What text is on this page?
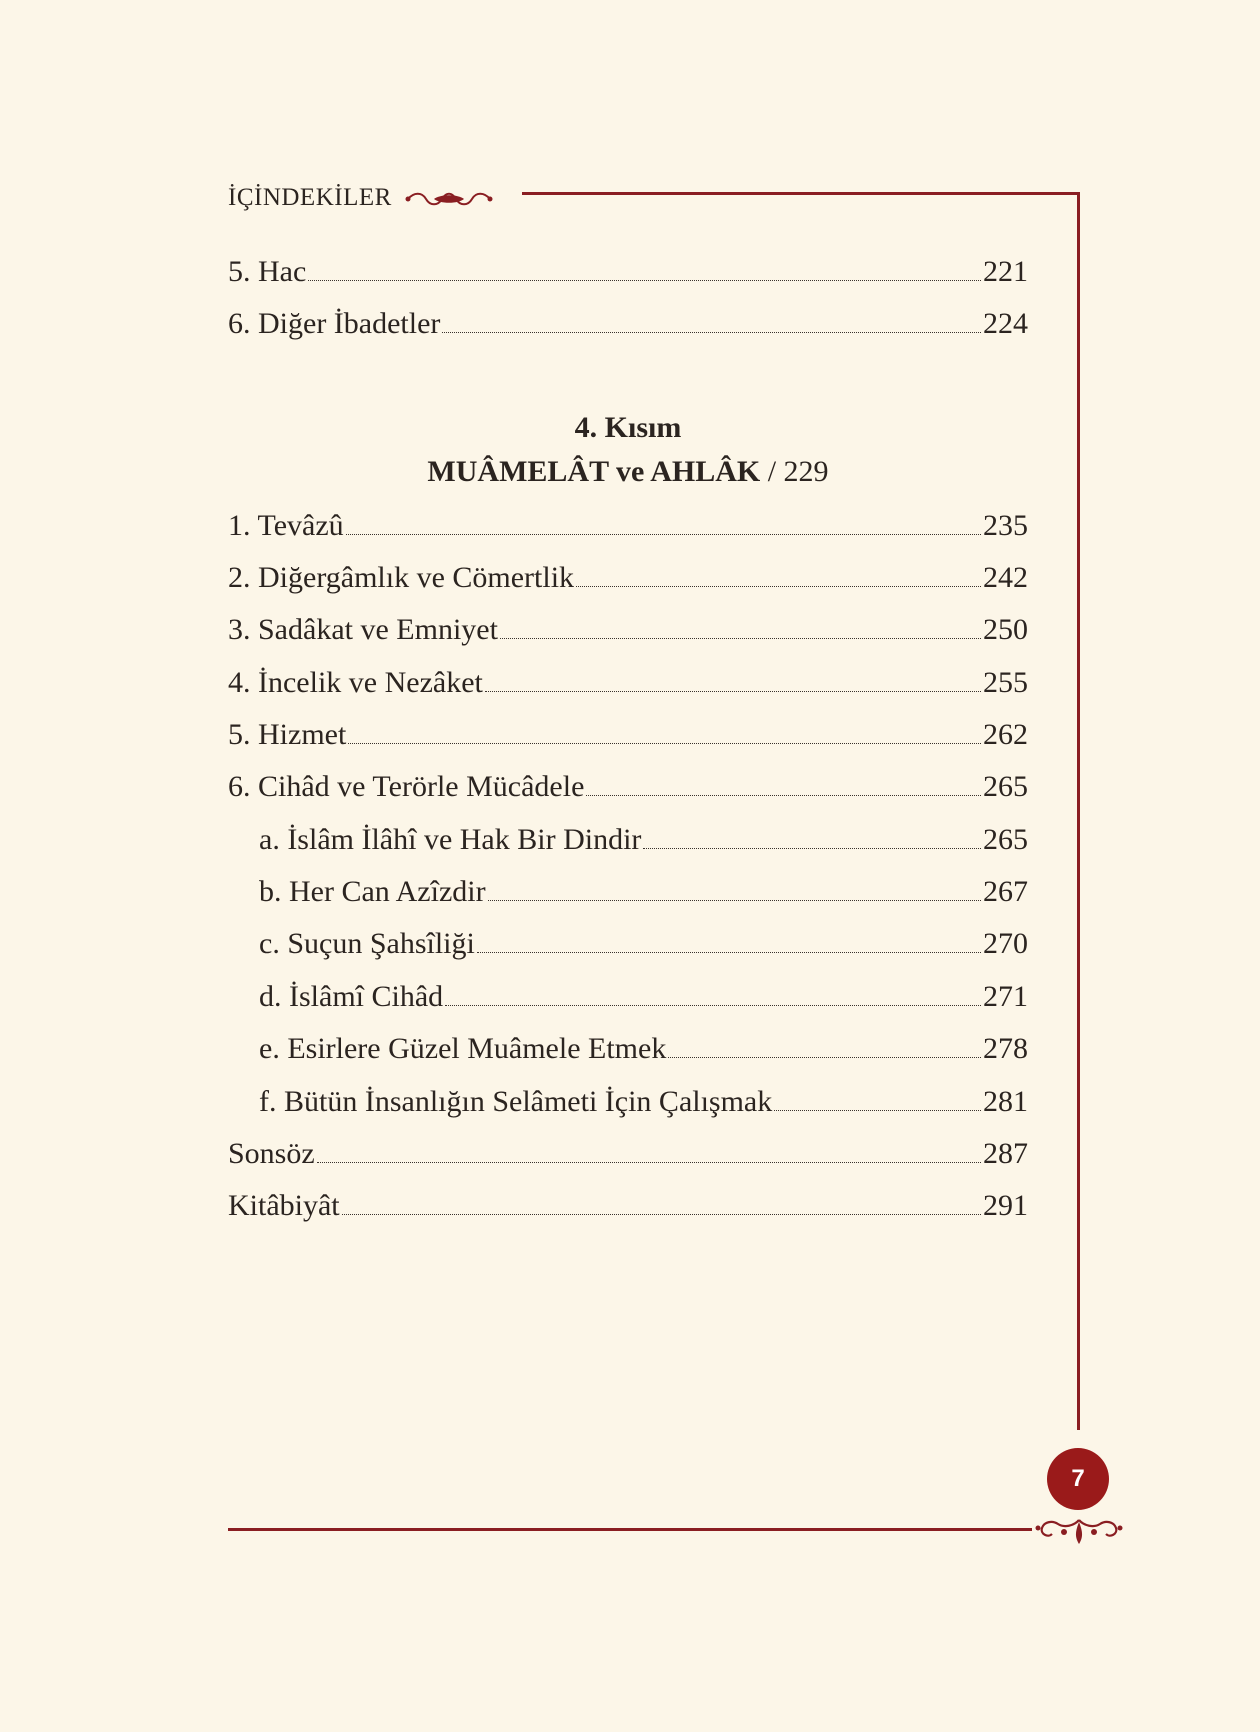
İÇİNDEKİLER
5. Hac	221
6. Diğer İbadetler	224
4. Kısım
MUÂMELÂT ve AHLÂK / 229
1. Tevâzû	235
2. Diğergâmlık ve Cömertlik	242
3. Sadâkat ve Emniyet	250
4. İncelik ve Nezâket	255
5. Hizmet	262
6. Cihâd ve Terörle Mücâdele	265
a. İslâm İlâhî ve Hak Bir Dindir	265
b. Her Can Azîzdir	267
c. Suçun Şahsîliği	270
d. İslâmî Cihâd	271
e. Esirlere Güzel Muâmele Etmek	278
f. Bütün İnsanlığın Selâmeti İçin Çalışmak	281
Sonsöz	287
Kitâbiyât	291
7
